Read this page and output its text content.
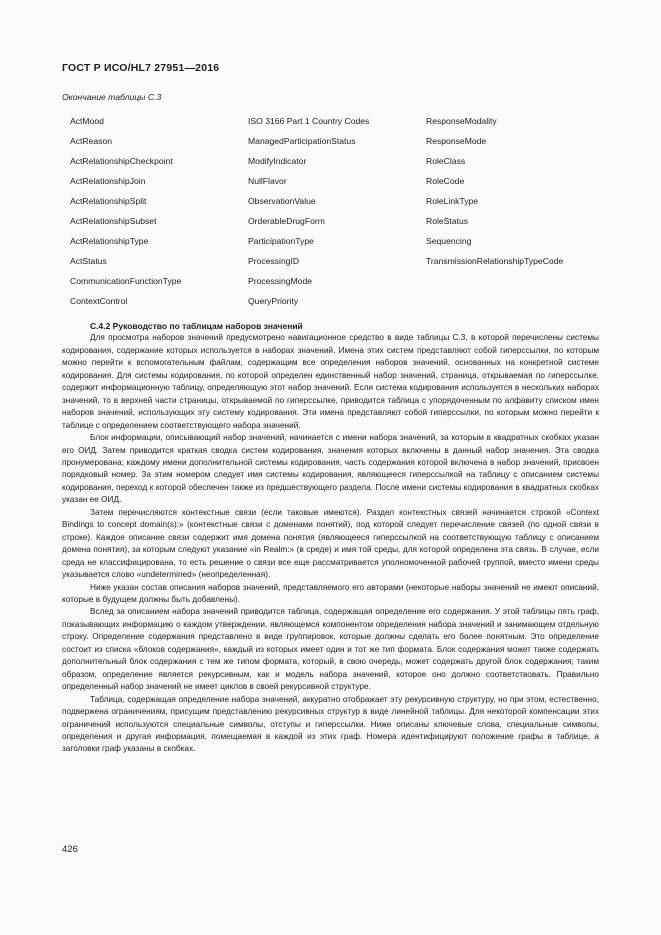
ГОСТ Р ИСО/HL7 27951—2016
Окончание таблицы С.3
ActMood	ISO 3166 Part 1 Country Codes	ResponseModality
ActReason	ManagedParticipationStatus	ResponseMode
ActRelationshipCheckpoint	ModifyIndicator	RoleClass
ActRelationshipJoin	NullFlavor	RoleCode
ActRelationshipSplit	ObservationValue	RoleLinkType
ActRelationshipSubset	OrderableDrugForm	RoleStatus
ActRelationshipType	ParticipationType	Sequencing
ActStatus	ProcessingID	TransmissionRelationshipTypeCode
CommunicationFunctionType	ProcessingMode
ContextControl	QueryPriority
С.4.2 Руководство по таблицам наборов значений

Для просмотра наборов значений предусмотрено навигационное средство в виде таблицы С.3, в которой перечислены системы кодирования, содержание которых используется в наборах значений. Имена этих систем представляют собой гиперссылки, по которым можно перейти к вспомогательным файлам, содержащим все определения наборов значений, основанных на конкретной системе кодирования. Для системы кодирования, по которой определен единственный набор значений, страница, открываемая по гиперссылке, содержит информационную таблицу, определяющую этот набор значений. Если система кодирования используется в нескольких наборах значений, то в верхней части страницы, открываемой по гиперссылке, приводится таблица с упорядоченным по алфавиту списком имен наборов значений, использующих эту систему кодирования. Эти имена представляют собой гиперссылки, по которым можно перейти к таблице с определением соответствующего набора значений.

Блок информации, описывающий набор значений, начинается с имени набора значений, за которым в квадратных скобках указан его ОИД. Затем приводится краткая сводка систем кодирования, значения которых включены в данный набор значения. Эта сводка пронумерована; каждому имени дополнительной системы кодирования, часть содержания которой включена в набор значений, присвоен порядковый номер. За этим номером следует имя системы кодирования, являющееся гиперссылкой на таблицу с описанием системы кодирования, переход к которой обеспечен также из предшествующего раздела. После имени системы кодирования в квадратных скобках указан ее ОИД.

Затем перечисляются контекстные связи (если таковые имеются). Раздел контекстных связей начинается строкой «Context Bindings to concept domain(s):» (контекстные связи с доменами понятий), под которой следует перечисление связей (по одной связи в строке). Каждое описание связи содержит имя домена понятия (являющееся гиперссылкой на соответствующую таблицу с описанием домена понятия), за которым следуют указание «in Realm:» (в среде) и имя той среды, для которой определена эта связь. В случае, если среда не классифицирована, то есть решение о связи все еще рассматривается уполномоченной рабочей группой, вместо имени среды указывается слово «undetermined» (неопределенная).

Ниже указан состав описания наборов значений, представляемого его авторами (некоторые наборы значений не имеют описаний, которые в будущем должны быть добавлены).

Вслед за описанием набора значений приводится таблица, содержащая определение его содержания. У этой таблицы пять граф, показывающих информацию о каждом утверждении, являющемся компонентом определения набора значений и занимающем отдельную строку. Определение содержания представлено в виде группировок, которые должны сделать его более понятным. Это определение состоит из списка «блоков содержания», каждый из которых имеет один и тот же тип формата. Блок содержания может также содержать дополнительный блок содержания с тем же типом формата, который, в свою очередь, может содержать другой блок содержания; таким образом, определение является рекурсивным, как и модель набора значений, которое оно должно соответствовать. Правильно определенный набор значений не имеет циклов в своей рекурсивной структуре.

Таблица, содержащая определение набора значений, аккуратно отображает эту рекурсивную структуру, но при этом, естественно, подвержена ограничениям, присущим представлению рекурсивных структур в виде линейной таблицы. Для некоторой компенсации этих ограничений используются специальные символы, отступы и гиперссылки. Ниже описаны ключевые слова, специальные символы, определения и другая информация, помещаемая в каждой из этих граф. Номера идентифицируют положение графы в таблице, а заголовки граф указаны в скобках.

426
